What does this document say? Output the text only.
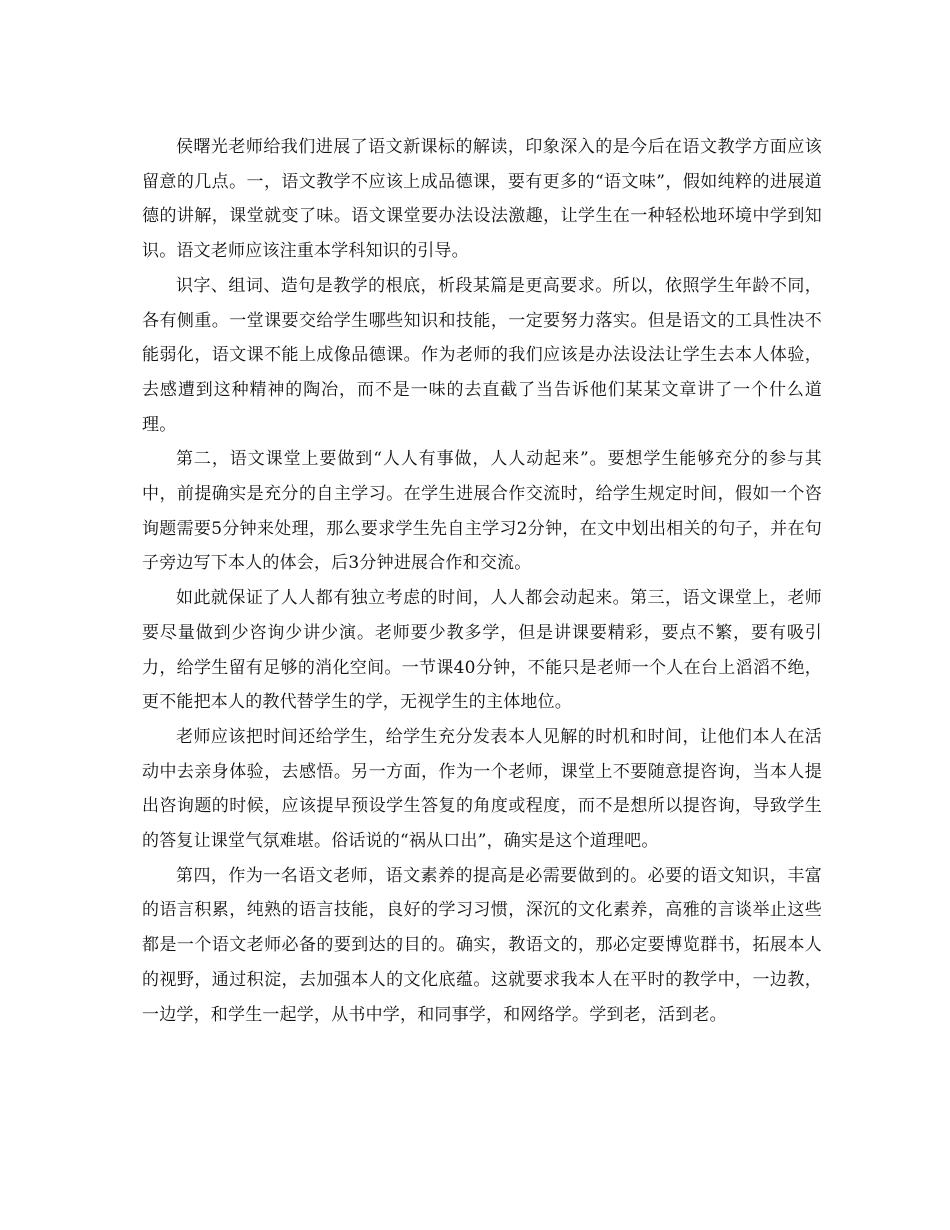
侯曙光老师给我们进展了语文新课标的解读，印象深入的是今后在语文教学方面应该留意的几点。一，语文教学不应该上成品德课，要有更多的“语文味”，假如纯粹的进展道德的讲解，课堂就变了味。语文课堂要办法设法激趣，让学生在一种轻松地环境中学到知识。语文老师应该注重本学科知识的引导。

识字、组词、造句是教学的根底，析段某篇是更高要求。所以，依照学生年龄不同，各有侧重。一堂课要交给学生哪些知识和技能，一定要努力落实。但是语文的工具性决不能弱化，语文课不能上成像品德课。作为老师的我们应该是办法设法让学生去本人体验，去感遭到这种精神的陶冶，而不是一味的去直截了当告诉他们某某文章讲了一个什么道理。

第二，语文课堂上要做到“人人有事做，人人动起来”。要想学生能够充分的参与其中，前提确实是充分的自主学习。在学生进展合作交流时，给学生规定时间，假如一个咨询题需要5分钟来处理，那么要求学生先自主学习2分钟，在文中划出相关的句子，并在句子旁边写下本人的体会，后3分钟进展合作和交流。

如此就保证了人人都有独立考虑的时间，人人都会动起来。第三，语文课堂上，老师要尽量做到少咨询少讲少演。老师要少教多学，但是讲课要精彩，要点不繁，要有吸引力，给学生留有足够的消化空间。一节课40分钟，不能只是老师一个人在台上滔滔不绝，更不能把本人的教代替学生的学，无视学生的主体地位。

老师应该把时间还给学生，给学生充分发表本人见解的时机和时间，让他们本人在活动中去亲身体验，去感悟。另一方面，作为一个老师，课堂上不要随意提咨询，当本人提出咨询题的时候，应该提早预设学生答复的角度或程度，而不是想所以提咨询，导致学生的答复让课堂气氛难堪。俗话说的“祸从口出”，确实是这个道理吧。

第四，作为一名语文老师，语文素养的提高是必需要做到的。必要的语文知识，丰富的语言积累，纯熟的语言技能，良好的学习习惯，深沉的文化素养，高雅的言谈举止这些都是一个语文老师必备的要到达的目的。确实，教语文的，那必定要博览群书，拓展本人的视野，通过积淀，去加强本人的文化底蕴。这就要求我本人在平时的教学中，一边教，一边学，和学生一起学，从书中学，和同事学，和网络学。学到老，活到老。
